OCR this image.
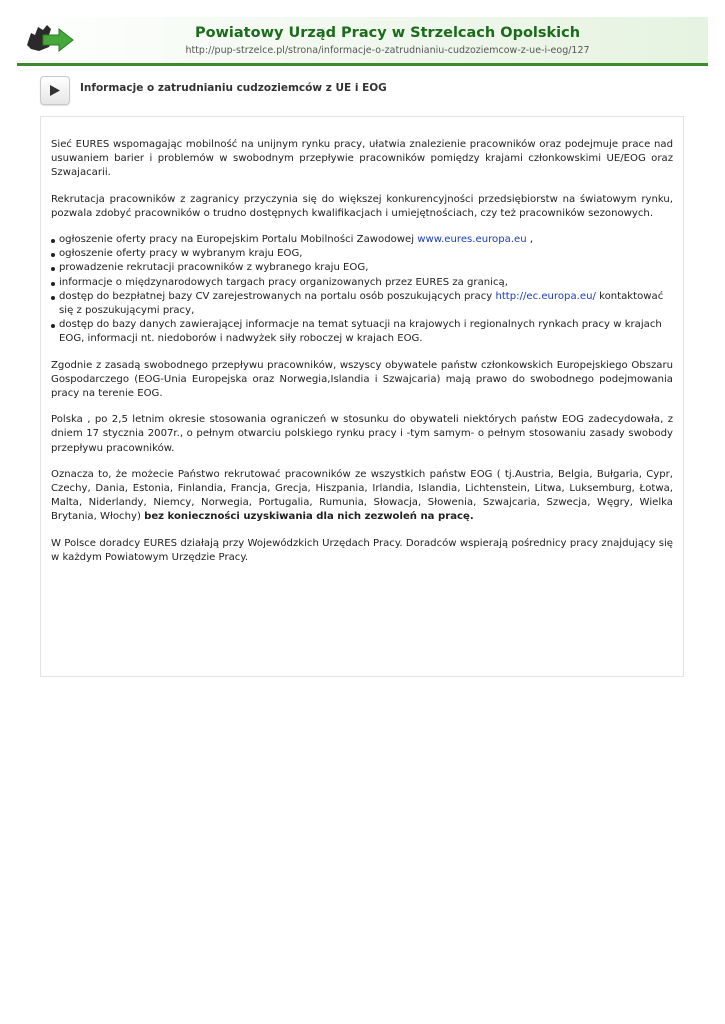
Powiatowy Urząd Pracy w Strzelcach Opolskich
http://pup-strzelce.pl/strona/informacje-o-zatrudnianiu-cudzoziemcow-z-ue-i-eog/127
Informacje o zatrudnianiu cudzoziemców z UE i EOG

Sieć EURES wspomagając mobilność na unijnym rynku pracy, ułatwia znalezienie pracowników oraz podejmuje prace nad usuwaniem barier i problemów w swobodnym przepływie pracowników pomiędzy krajami członkowskimi UE/EOG oraz Szwajacarii.

Rekrutacja pracowników z zagranicy przyczynia się do większej konkurencyjności przedsiębiorstw na światowym rynku, pozwala zdobyć pracowników o trudno dostępnych kwalifikacjach i umiejętnościach, czy też pracowników sezonowych.

ogłoszenie oferty pracy na Europejskim Portalu Mobilności Zawodowej www.eures.europa.eu ,
ogłoszenie oferty pracy w wybranym kraju EOG,
prowadzenie rekrutacji pracowników z wybranego kraju EOG,
informacje o międzynarodowych targach pracy organizowanych przez EURES za granicą,
dostęp do bezpłatnej bazy CV zarejestrowanych na portalu osób poszukujących pracy http://ec.europa.eu/ kontaktować się z poszukującymi pracy,
dostęp do bazy danych zawierającej informacje na temat sytuacji na krajowych i regionalnych rynkach pracy w krajach EOG, informacji nt. niedoborów i nadwyżek siły roboczej w krajach EOG.

Zgodnie z zasadą swobodnego przepływu pracowników, wszyscy obywatele państw członkowskich Europejskiego Obszaru Gospodarczego (EOG-Unia Europejska oraz Norwegia,Islandia i Szwajcaria) mają prawo do swobodnego podejmowania pracy na terenie EOG.

Polska , po 2,5 letnim okresie stosowania ograniczeń w stosunku do obywateli niektórych państw EOG zadecydowała, z dniem 17 stycznia 2007r., o pełnym otwarciu polskiego rynku pracy i -tym samym- o pełnym stosowaniu zasady swobody przepływu pracowników.

Oznacza to, że możecie Państwo rekrutować pracowników ze wszystkich państw EOG ( tj.Austria, Belgia, Bułgaria, Cypr, Czechy, Dania, Estonia, Finlandia, Francja, Grecja, Hiszpania, Irlandia, Islandia, Lichtenstein, Litwa, Luksemburg, Łotwa, Malta, Niderlandy, Niemcy, Norwegia, Portugalia, Rumunia, Słowacja, Słowenia, Szwajcaria, Szwecja, Węgry, Wielka Brytania, Włochy) bez konieczności uzyskiwania dla nich zezwoleń na pracę.

W Polsce doradcy EURES działają przy Wojewódzkich Urzędach Pracy. Doradców wspierają pośrednicy pracy znajdujący się w każdym Powiatowym Urzędzie Pracy.
